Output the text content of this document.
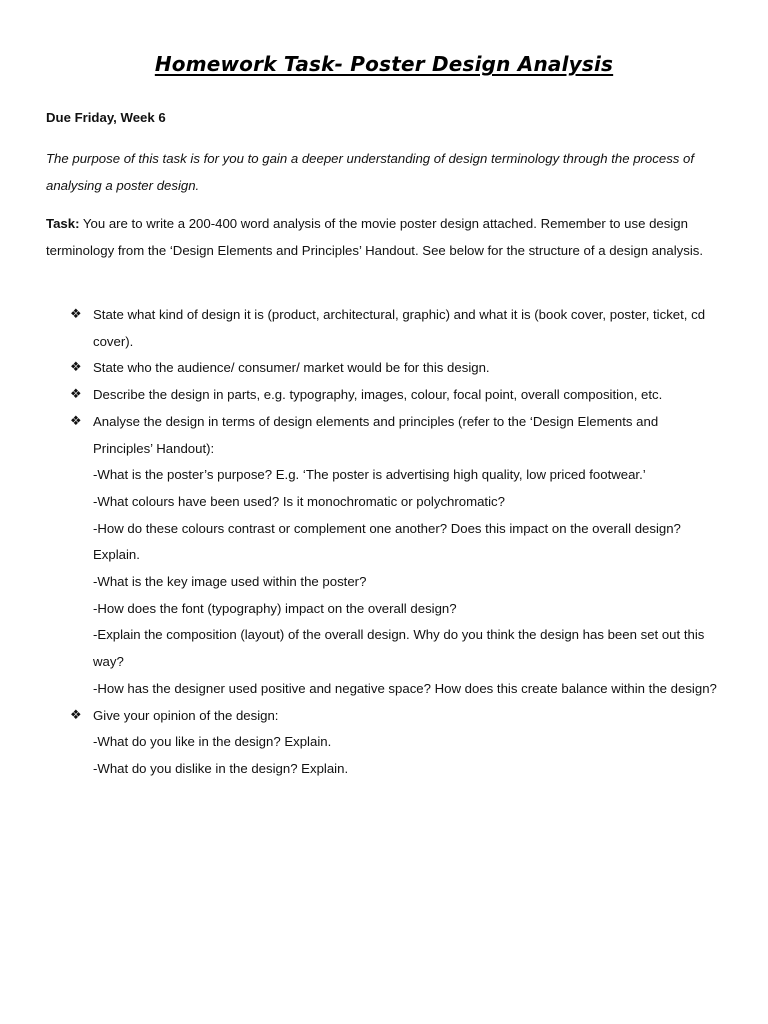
Homework Task- Poster Design Analysis
Due Friday, Week 6
The purpose of this task is for you to gain a deeper understanding of design terminology through the process of analysing a poster design.
Task: You are to write a 200-400 word analysis of the movie poster design attached. Remember to use design terminology from the ‘Design Elements and Principles’ Handout. See below for the structure of a design analysis.
❖ State what kind of design it is (product, architectural, graphic) and what it is (book cover, poster, ticket, cd cover).
❖ State who the audience/ consumer/ market would be for this design.
❖ Describe the design in parts, e.g. typography, images, colour, focal point, overall composition, etc.
❖ Analyse the design in terms of design elements and principles (refer to the ‘Design Elements and Principles’ Handout):
-What is the poster’s purpose? E.g. ‘The poster is advertising high quality, low priced footwear.’
-What colours have been used? Is it monochromatic or polychromatic?
-How do these colours contrast or complement one another? Does this impact on the overall design? Explain.
-What is the key image used within the poster?
-How does the font (typography) impact on the overall design?
-Explain the composition (layout) of the overall design. Why do you think the design has been set out this way?
-How has the designer used positive and negative space? How does this create balance within the design?
❖ Give your opinion of the design:
-What do you like in the design? Explain.
-What do you dislike in the design? Explain.
